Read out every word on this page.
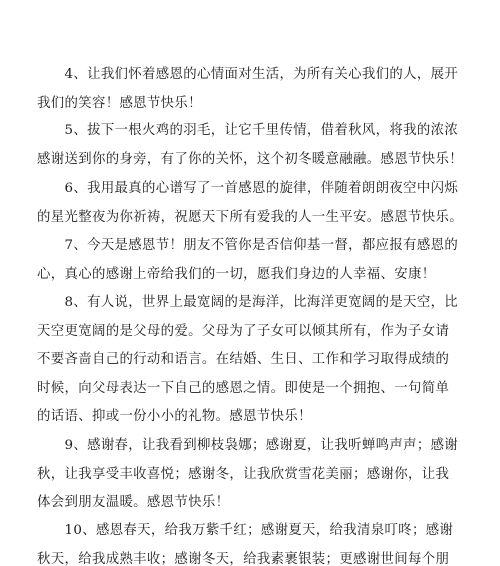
4、让我们怀着感恩的心情面对生活，为所有关心我们的人，展开
我们的笑容！感恩节快乐！

5、拔下一根火鸡的羽毛，让它千里传情，借着秋风，将我的浓浓
感谢送到你的身旁，有了你的关怀，这个初冬暖意融融。感恩节快乐！

6、我用最真的心谱写了一首感恩的旋律，伴随着朗朗夜空中闪烁
的星光整夜为你祈祷，祝愿天下所有爱我的人一生平安。感恩节快乐。

7、今天是感恩节！朋友不管你是否信仰基一督，都应报有感恩的
心，真心的感谢上帝给我们的一切，愿我们身边的人幸福、安康！

8、有人说，世界上最宽阔的是海洋，比海洋更宽阔的是天空，比
天空更宽阔的是父母的爱。父母为了子女可以倾其所有，作为子女请
不要吝啬自己的行动和语言。在结婚、生日、工作和学习取得成绩的
时候，向父母表达一下自己的感恩之情。即使是一个拥抱、一句简单
的话语、抑或一份小小的礼物。感恩节快乐！

9、感谢春，让我看到柳枝袅娜；感谢夏，让我听蝉鸣声声；感谢
秋，让我享受丰收喜悦；感谢冬，让我欣赏雪花美丽；感谢你，让我
体会到朋友温暖。感恩节快乐！

10、感恩春天，给我万紫千红；感谢夏天，给我清泉叮咚；感谢
秋天，给我成熟丰收；感谢冬天，给我素裹银装；更感谢世间每个朋
